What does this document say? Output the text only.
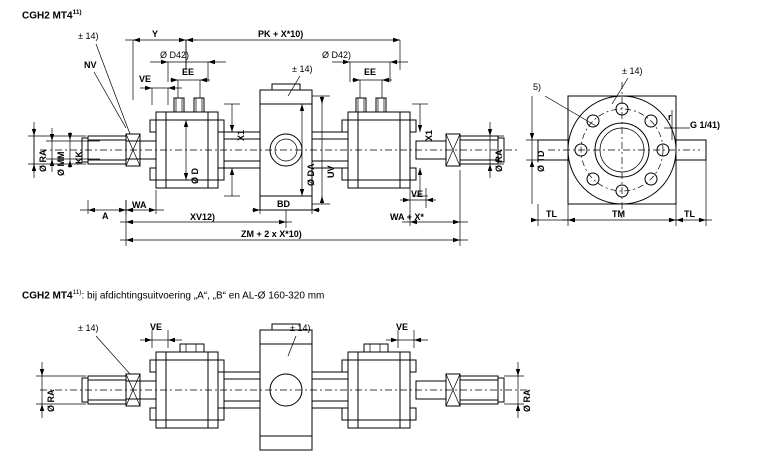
CGH2 $MT4^{11)}$
± 14)	Y	PK + X*10)
Ø D42)	Ø D42)
NV
VE
EE	EE
± 14)
Ø RA Ø MM KK
Ø D
X1
Ø DA UV
X1
Ø RA
A
WA	BD
VE
XV12)	WA + X*
ZM + 2 x X*10)
5)
± 14)
G 1/41)
r
Ø TD
TL	TM	TL
CGH2 MT4$^{11)}$: bij afdichtingsuitvoering „A“, „B“ en AL-Ø 160-320 mm
± 14)	VE	± 14)	VE
Ø RA	Ø RA
